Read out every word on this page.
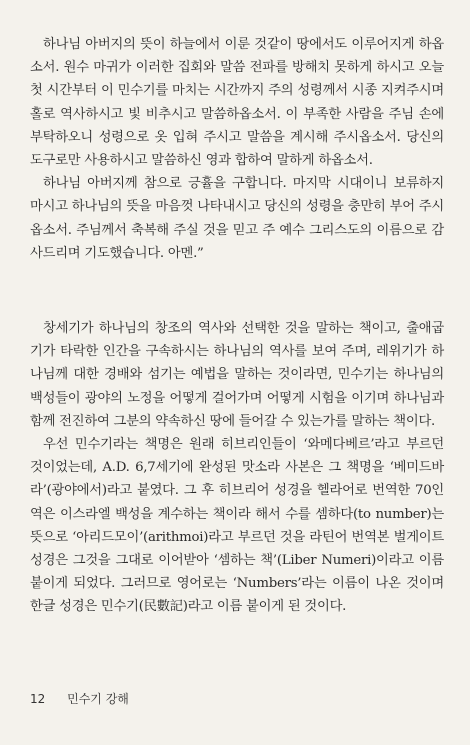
하나님 아버지의 뜻이 하늘에서 이룬 것같이 땅에서도 이루어지게 하옵소서. 원수 마귀가 이러한 집회와 말씀 전파를 방해치 못하게 하시고 오늘 첫 시간부터 이 민수기를 마치는 시간까지 주의 성령께서 시종 지켜주시며 홀로 역사하시고 빛 비추시고 말씀하옵소서. 이 부족한 사람을 주님 손에 부탁하오니 성령으로 옷 입혀 주시고 말씀을 계시해 주시옵소서. 당신의 도구로만 사용하시고 말씀하신 영과 합하여 말하게 하옵소서.

하나님 아버지께 참으로 긍휼을 구합니다. 마지막 시대이니 보류하지 마시고 하나님의 뜻을 마음껏 나타내시고 당신의 성령을 충만히 부어 주시옵소서. 주님께서 축복해 주실 것을 믿고 주 예수 그리스도의 이름으로 감사드리며 기도했습니다. 아멘.”

창세기가 하나님의 창조의 역사와 선택한 것을 말하는 책이고, 출애굽기가 타락한 인간을 구속하시는 하나님의 역사를 보여 주며, 레위기가 하나님께 대한 경배와 섬기는 예법을 말하는 것이라면, 민수기는 하나님의 백성들이 광야의 노정을 어떻게 걸어가며 어떻게 시험을 이기며 하나님과 함께 전진하여 그분의 약속하신 땅에 들어갈 수 있는가를 말하는 책이다.

우선 민수기라는 책명은 원래 히브리인들이 ‘와메다베르’라고 부르던 것이었는데, A.D. 6,7세기에 완성된 맛소라 사본은 그 책명을 ‘베미드바라’(광야에서)라고 붙였다. 그 후 히브리어 성경을 헬라어로 번역한 70인역은 이스라엘 백성을 계수하는 책이라 해서 수를 셈하다(to number)는 뜻으로 ‘아리드모이’(arithmoi)라고 부르던 것을 라틴어 번역본 벌게이트 성경은 그것을 그대로 이어받아 ‘셈하는 책’(Liber Numeri)이라고 이름 붙이게 되었다. 그러므로 영어로는 ‘Numbers’라는 이름이 나온 것이며 한글 성경은 민수기(民數記)라고 이름 붙이게 된 것이다.

12 민수기 강해
